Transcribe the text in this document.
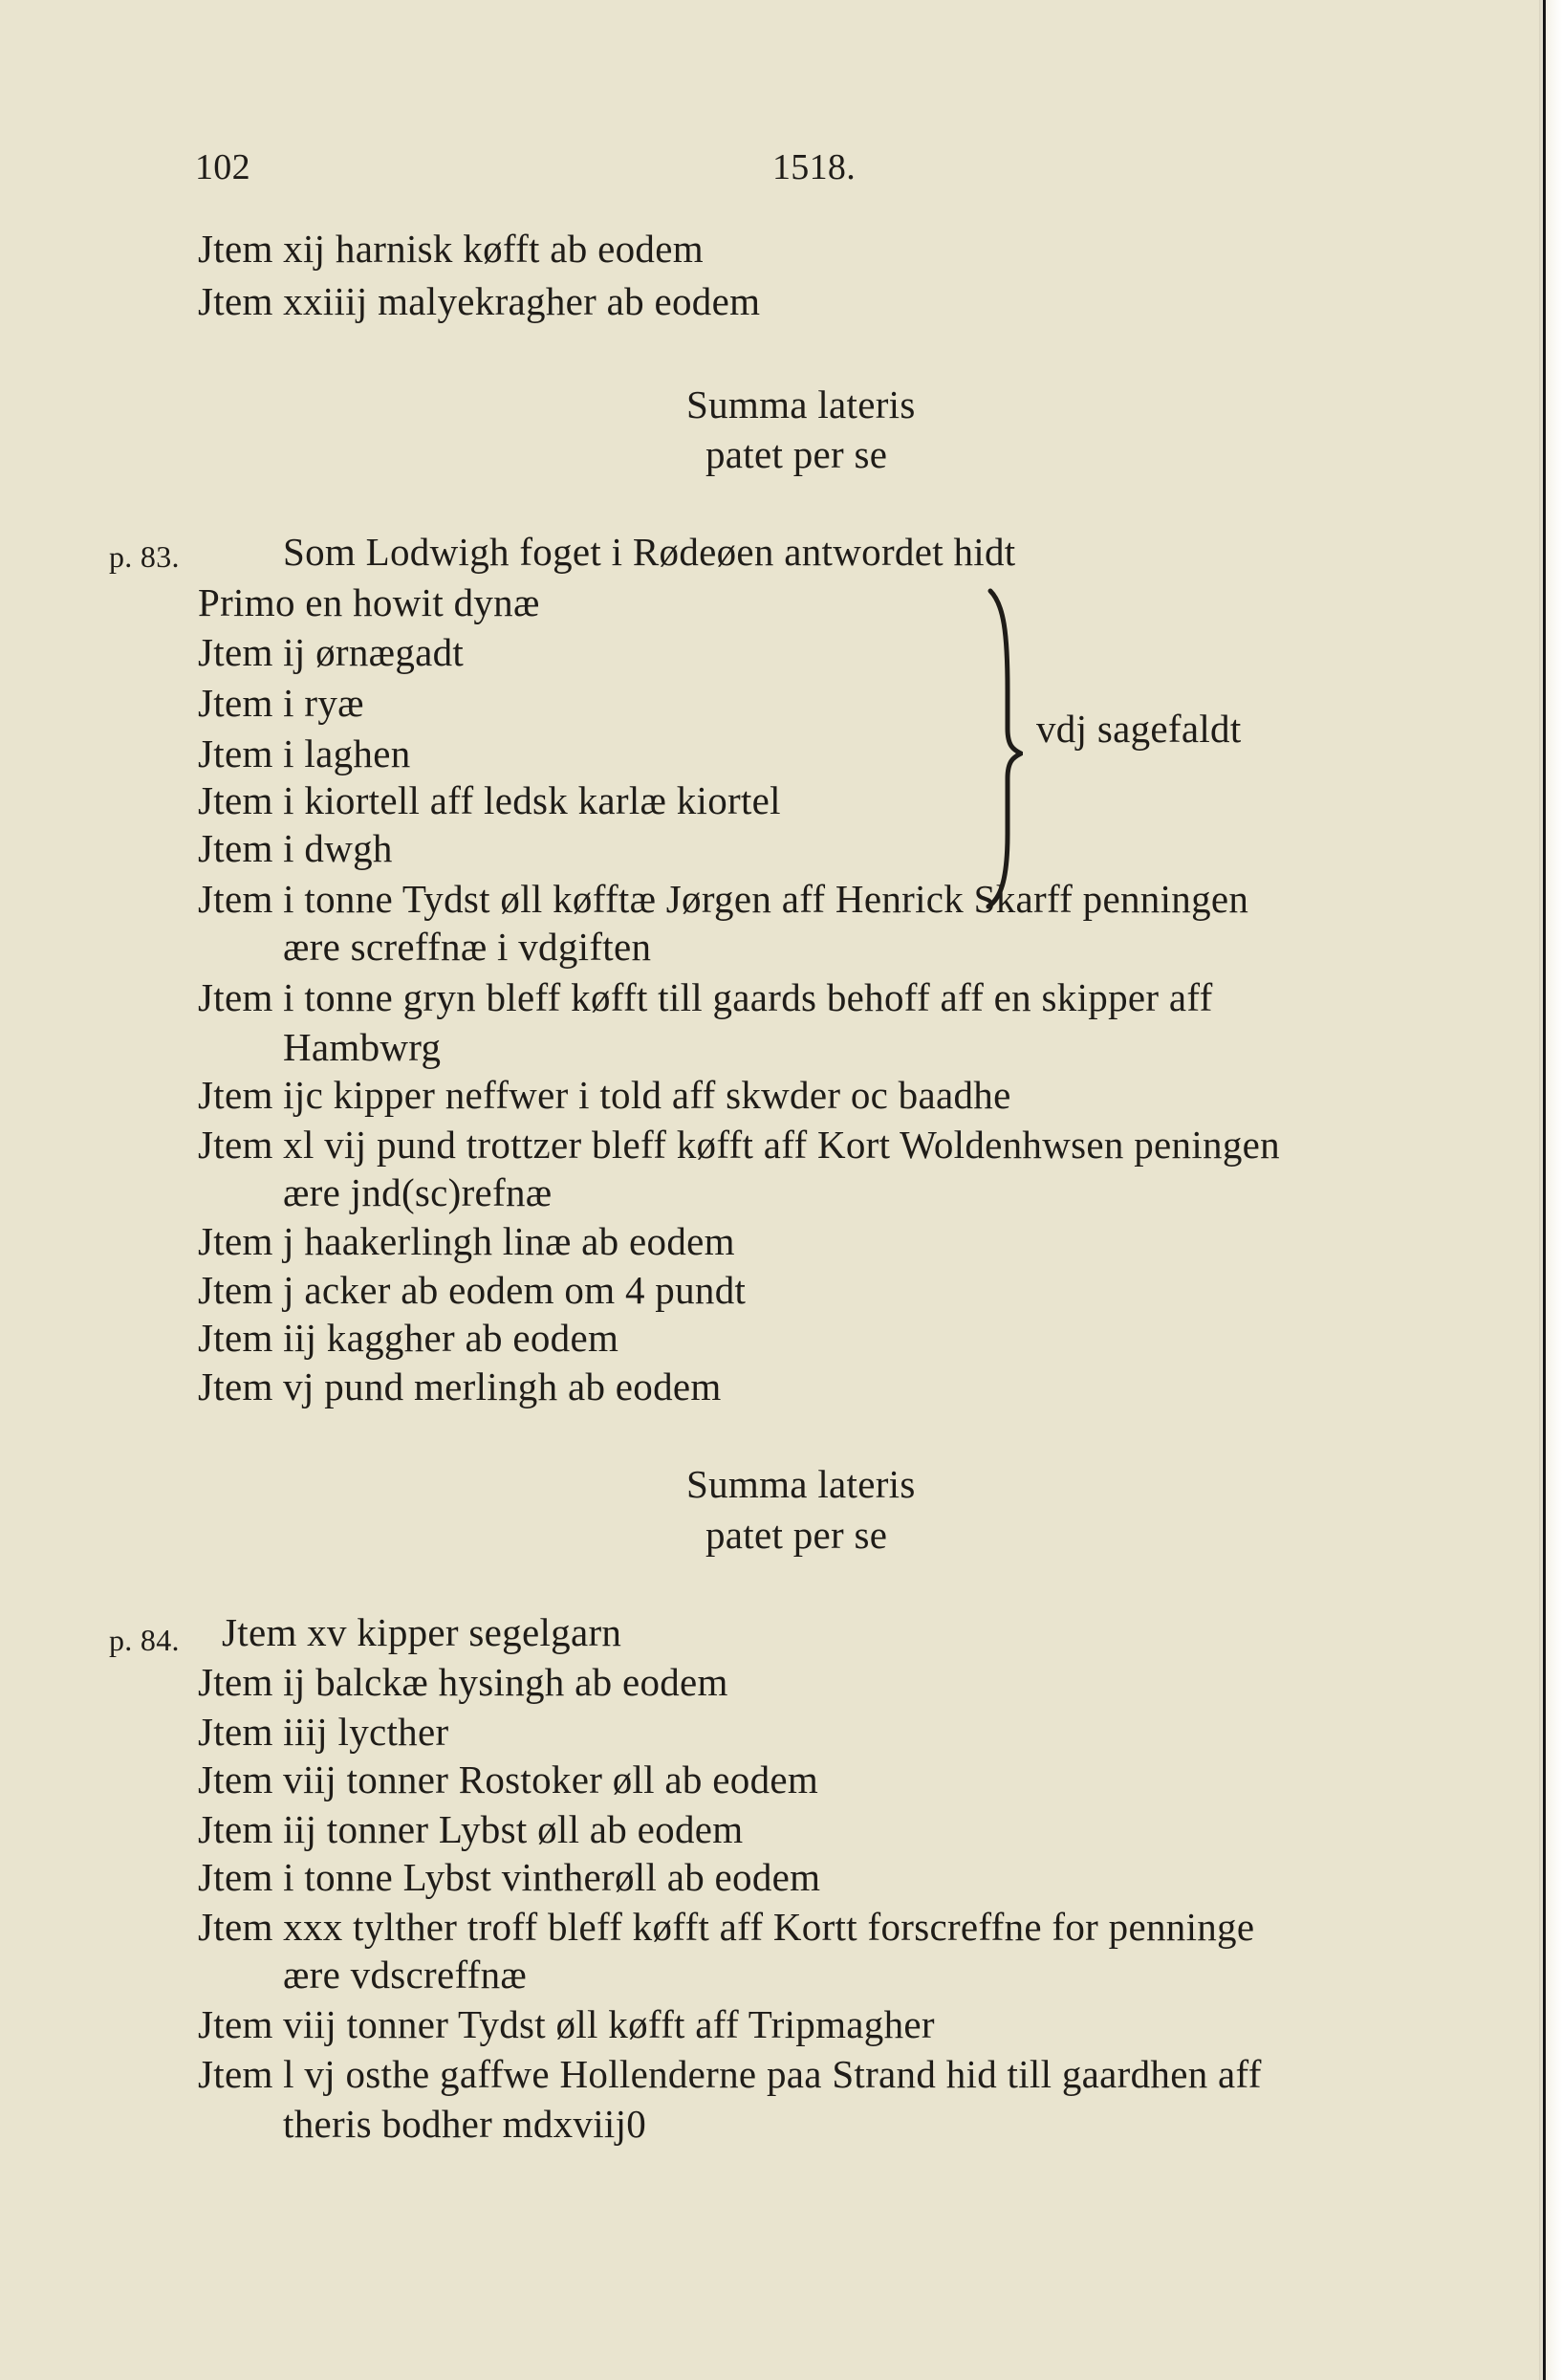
102	1518.
Jtem xij harnisk køfft ab eodem
Jtem xxiiij malyekragher ab eodem
Summa lateris
patet per se
p. 83.	Som Lodwigh foget i Rødeøen antwordet hidt
Primo en howit dynæ
Jtem ij ørnægadt
Jtem i ryæ
Jtem i laghen
Jtem i kiortell aff ledsk karlæ kiortel
Jtem i dwgh
vdj sagefaldt
Jtem i tonne Tydst øll køfftæ Jørgen aff Henrick Skarff penningen
ære screffnæ i vdgiften
Jtem i tonne gryn bleff køfft till gaards behoff aff en skipper aff
Hambwrg
Jtem ijc kipper neffwer i told aff skwder oc baadhe
Jtem xl vij pund trottzer bleff køfft aff Kort Woldenhwsen peningen
ære jnd(sc)refnæ
Jtem j haakerlingh linæ ab eodem
Jtem j acker ab eodem om 4 pundt
Jtem iij kaggher ab eodem
Jtem vj pund merlingh ab eodem
Summa lateris
patet per se
p. 84. Jtem xv kipper segelgarn
Jtem ij balckæ hysingh ab eodem
Jtem iiij lycther
Jtem viij tonner Rostoker øll ab eodem
Jtem iij tonner Lybst øll ab eodem
Jtem i tonne Lybst vintherøll ab eodem
Jtem xxx tylther troff bleff køfft aff Kortt forscreffne for penninge
ære vdscreffnæ
Jtem viij tonner Tydst øll køfft aff Tripmagher
Jtem l vj osthe gaffwe Hollenderne paa Strand hid till gaardhen aff
theris bodher mdxviij0
